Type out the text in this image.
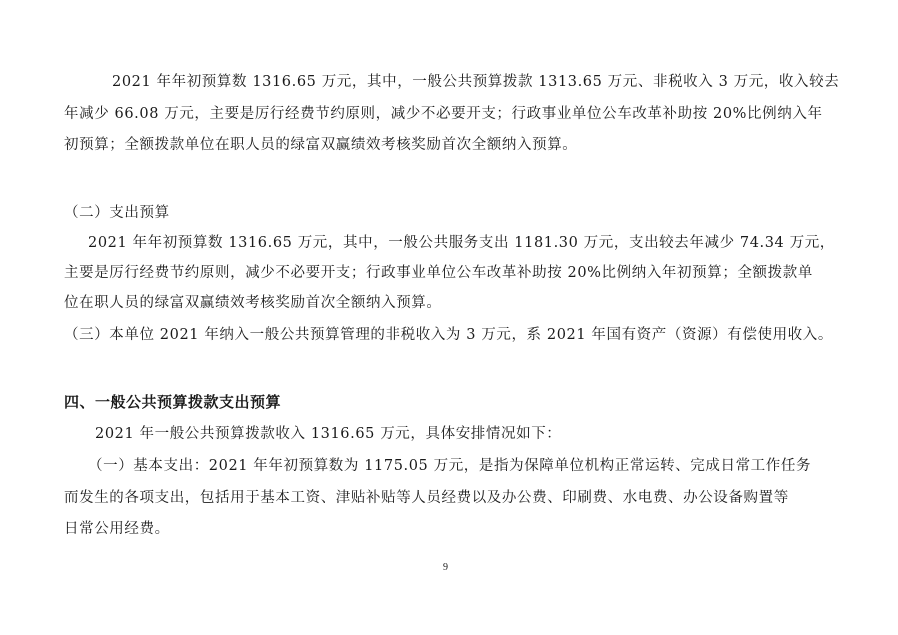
2021 年年初预算数 1316.65 万元，其中，一般公共预算拨款 1313.65 万元、非税收入 3 万元，收入较去
年减少 66.08 万元，主要是厉行经费节约原则，减少不必要开支；行政事业单位公车改革补助按 20%比例纳入年
初预算；全额拨款单位在职人员的绿富双赢绩效考核奖励首次全额纳入预算。
（二）支出预算
2021 年年初预算数 1316.65 万元，其中，一般公共服务支出 1181.30 万元，支出较去年减少 74.34 万元，
主要是厉行经费节约原则，减少不必要开支；行政事业单位公车改革补助按 20%比例纳入年初预算；全额拨款单
位在职人员的绿富双赢绩效考核奖励首次全额纳入预算。
（三）本单位 2021 年纳入一般公共预算管理的非税收入为 3 万元，系 2021 年国有资产（资源）有偿使用收入。
四、一般公共预算拨款支出预算
2021 年一般公共预算拨款收入 1316.65 万元，具体安排情况如下：
（一）基本支出：2021 年年初预算数为 1175.05 万元，是指为保障单位机构正常运转、完成日常工作任务
而发生的各项支出，包括用于基本工资、津贴补贴等人员经费以及办公费、印刷费、水电费、办公设备购置等
日常公用经费。
9
